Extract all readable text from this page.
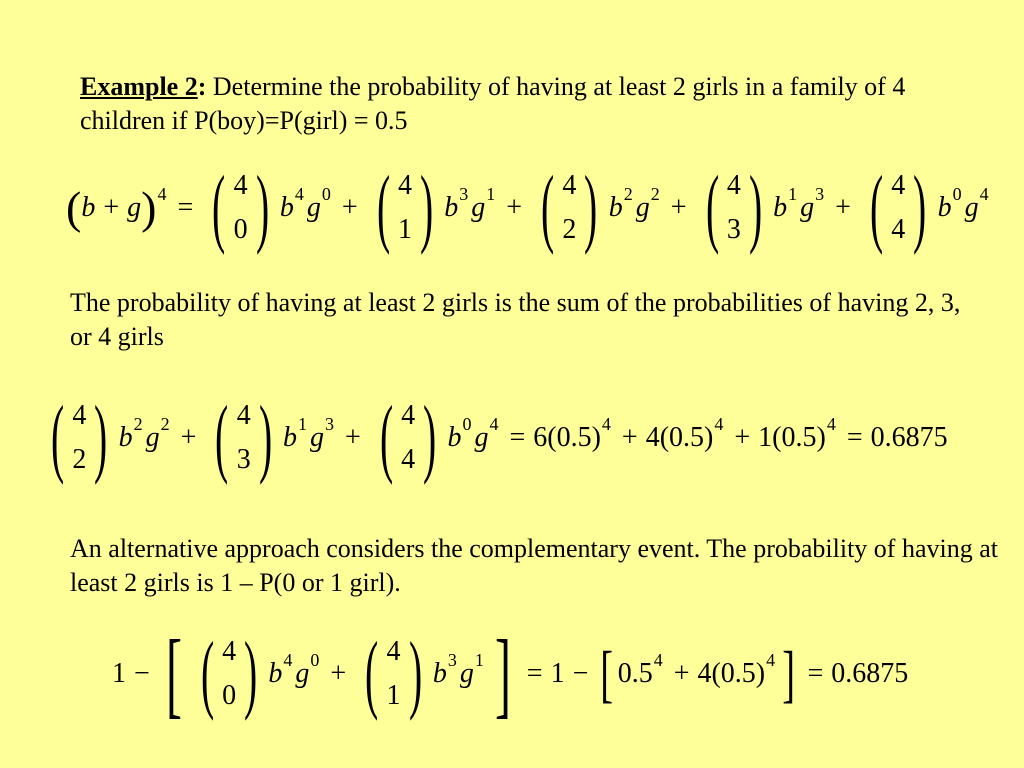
Example 2: Determine the probability of having at least 2 girls in a family of 4 children if P(boy)=P(girl) = 0.5

( b + g ) 4 = ( 4
0 ) b 4 g 0 + ( 4
1 ) b 3 g 1 + ( 4
2 ) b 2 g 2 + ( 4
3 ) b 1 g 3 + ( 4
4 ) b 0 g 4

The probability of having at least 2 girls is the sum of the probabilities of having 2, 3, or 4 girls

( 4
2 ) b 2 g 2 + ( 4
3 ) b 1 g 3 + ( 4
4 ) b 0 g 4 = 6(0.5) 4 + 4(0.5) 4 + 1(0.5) 4 = 0.6875

An alternative approach considers the complementary event. The probability of having at least 2 girls is 1 – P(0 or 1 girl).

1 − [ ( 4
0 ) b 4 g 0 + ( 4
1 ) b 3 g 1 ] = 1 − [ 0.5 4 + 4(0.5) 4 ] = 0.6875
